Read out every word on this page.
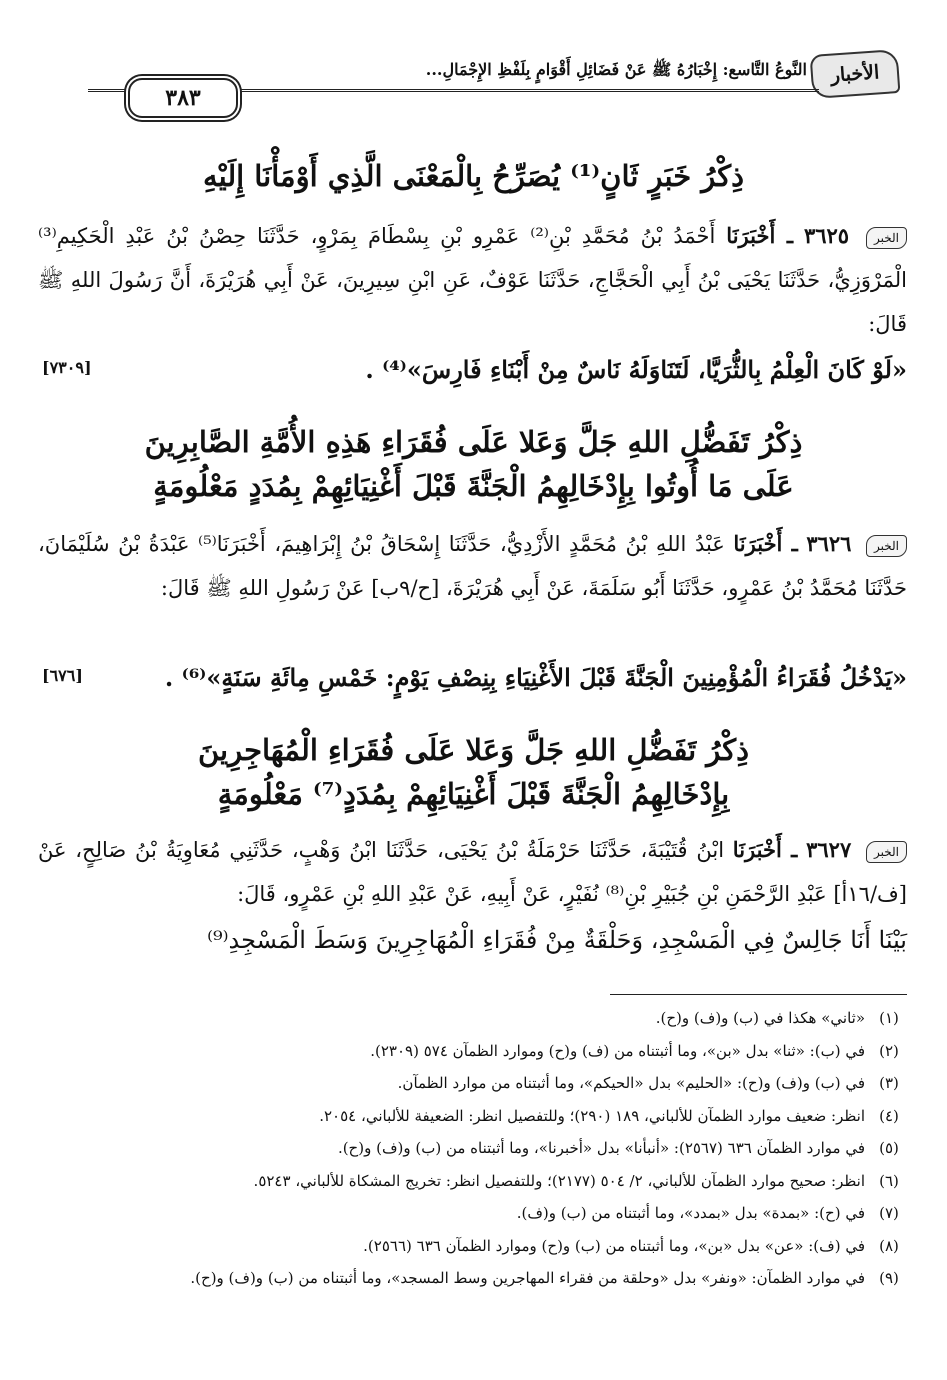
الأخبار
النَّوعُ التَّاسع: إِخْبَارُهُ ﷺ عَنْ فَضَائِلِ أَقْوَامٍ بِلَفْظِ الإِجْمَالِ...
٣٨٣
ذِكْرُ خَبَرٍ ثَانٍ⁽¹⁾ يُصَرِّحُ بِالْمَعْنَى الَّذِي أَوْمَأْنَا إِلَيْهِ
الخبر ٣٦٢٥ ـ أَخْبَرَنَا أَحْمَدُ بْنُ مُحَمَّدِ بْنِ⁽²⁾ عَمْرِو بْنِ بِسْطَامَ بِمَرْوٍ، حَدَّثَنَا حِصْنُ بْنُ عَبْدِ الْحَكِيمِ⁽³⁾ الْمَرْوَزِيُّ، حَدَّثَنَا يَحْيَى بْنُ أَبِي الْحَجَّاجِ، حَدَّثَنَا عَوْفٌ، عَنِ ابْنِ سِيرِينَ، عَنْ أَبِي هُرَيْرَةَ، أَنَّ رَسُولَ اللهِ ﷺ قَالَ:
«لَوْ كَانَ الْعِلْمُ بِالثُّرَيَّا، لَتَنَاوَلَهُ نَاسٌ مِنْ أَبْنَاءِ فَارِسَ»⁽⁴⁾ .
[٧٣٠٩]
ذِكْرُ تَفَضُّلِ اللهِ جَلَّ وَعَلا عَلَى فُقَرَاءِ هَذِهِ الأُمَّةِ الصَّابِرِينَ
عَلَى مَا أُوتُوا بِإِدْخَالِهِمُ الْجَنَّةَ قَبْلَ أَغْنِيَائِهِمْ بِمُدَدٍ مَعْلُومَةٍ
الخبر ٣٦٢٦ ـ أَخْبَرَنَا عَبْدُ اللهِ بْنُ مُحَمَّدٍ الأَزْدِيُّ، حَدَّثَنَا إِسْحَاقُ بْنُ إِبْرَاهِيمَ، أَخْبَرَنَا⁽⁵⁾ عَبْدَةُ بْنُ سُلَيْمَانَ، حَدَّثَنَا مُحَمَّدُ بْنُ عَمْرٍو، حَدَّثَنَا أَبُو سَلَمَةَ، عَنْ أَبِي هُرَيْرَةَ، [ح/٩ب] عَنْ رَسُولِ اللهِ ﷺ قَالَ:
«يَدْخُلُ فُقَرَاءُ الْمُؤْمِنِينَ الْجَنَّةَ قَبْلَ الأَغْنِيَاءِ بِنِصْفِ يَوْمٍ: خَمْسِ مِائَةِ سَنَةٍ»⁽⁶⁾ .
[٦٧٦]
ذِكْرُ تَفَضُّلِ اللهِ جَلَّ وَعَلا عَلَى فُقَرَاءِ الْمُهَاجِرِينَ
بِإِدْخَالِهِمُ الْجَنَّةَ قَبْلَ أَغْنِيَائِهِمْ بِمُدَدٍ⁽⁷⁾ مَعْلُومَةٍ
الخبر ٣٦٢٧ ـ أَخْبَرَنَا ابْنُ قُتَيْبَةَ، حَدَّثَنَا حَرْمَلَةُ بْنُ يَحْيَى، حَدَّثَنَا ابْنُ وَهْبٍ، حَدَّثَنِي مُعَاوِيَةُ بْنُ صَالِحٍ، عَنْ [ف/١٦أ] عَبْدِ الرَّحْمَنِ بْنِ جُبَيْرِ بْنِ⁽⁸⁾ نُفَيْرٍ، عَنْ أَبِيهِ، عَنْ عَبْدِ اللهِ بْنِ عَمْرٍو، قَالَ:
بَيْنَا أَنَا جَالِسٌ فِي الْمَسْجِدِ، وَحَلْقَةٌ مِنْ فُقَرَاءِ الْمُهَاجِرِينَ وَسَطَ الْمَسْجِدِ⁽⁹⁾
(١)
«ثاني» هكذا في (ب) و(ف) و(ح).
(٢)
في (ب): «ثنا» بدل «بن»، وما أثبتناه من (ف) و(ح) وموارد الظمآن ٥٧٤ (٢٣٠٩).
(٣)
في (ب) و(ف) و(ح): «الحليم» بدل «الحيكم»، وما أثبتناه من موارد الظمآن.
(٤)
انظر: ضعيف موارد الظمآن للألباني، ١٨٩ (٢٩٠)؛ وللتفصيل انظر: الضعيفة للألباني، ٢٠٥٤.
(٥)
في موارد الظمآن ٦٣٦ (٢٥٦٧): «أنبأنا» بدل «أخبرنا»، وما أثبتناه من (ب) و(ف) و(ح).
(٦)
انظر: صحيح موارد الظمآن للألباني، ٢/ ٥٠٤ (٢١٧٧)؛ وللتفصيل انظر: تخريج المشكاة للألباني، ٥٢٤٣.
(٧)
في (ح): «بمدة» بدل «بمدد»، وما أثبتناه من (ب) و(ف).
(٨)
في (ف): «عن» بدل «بن»، وما أثبتناه من (ب) و(ح) وموارد الظمآن ٦٣٦ (٢٥٦٦).
(٩)
في موارد الظمآن: «ونفر» بدل «وحلقة من فقراء المهاجرين وسط المسجد»، وما أثبتناه من (ب) و(ف) و(ح).
